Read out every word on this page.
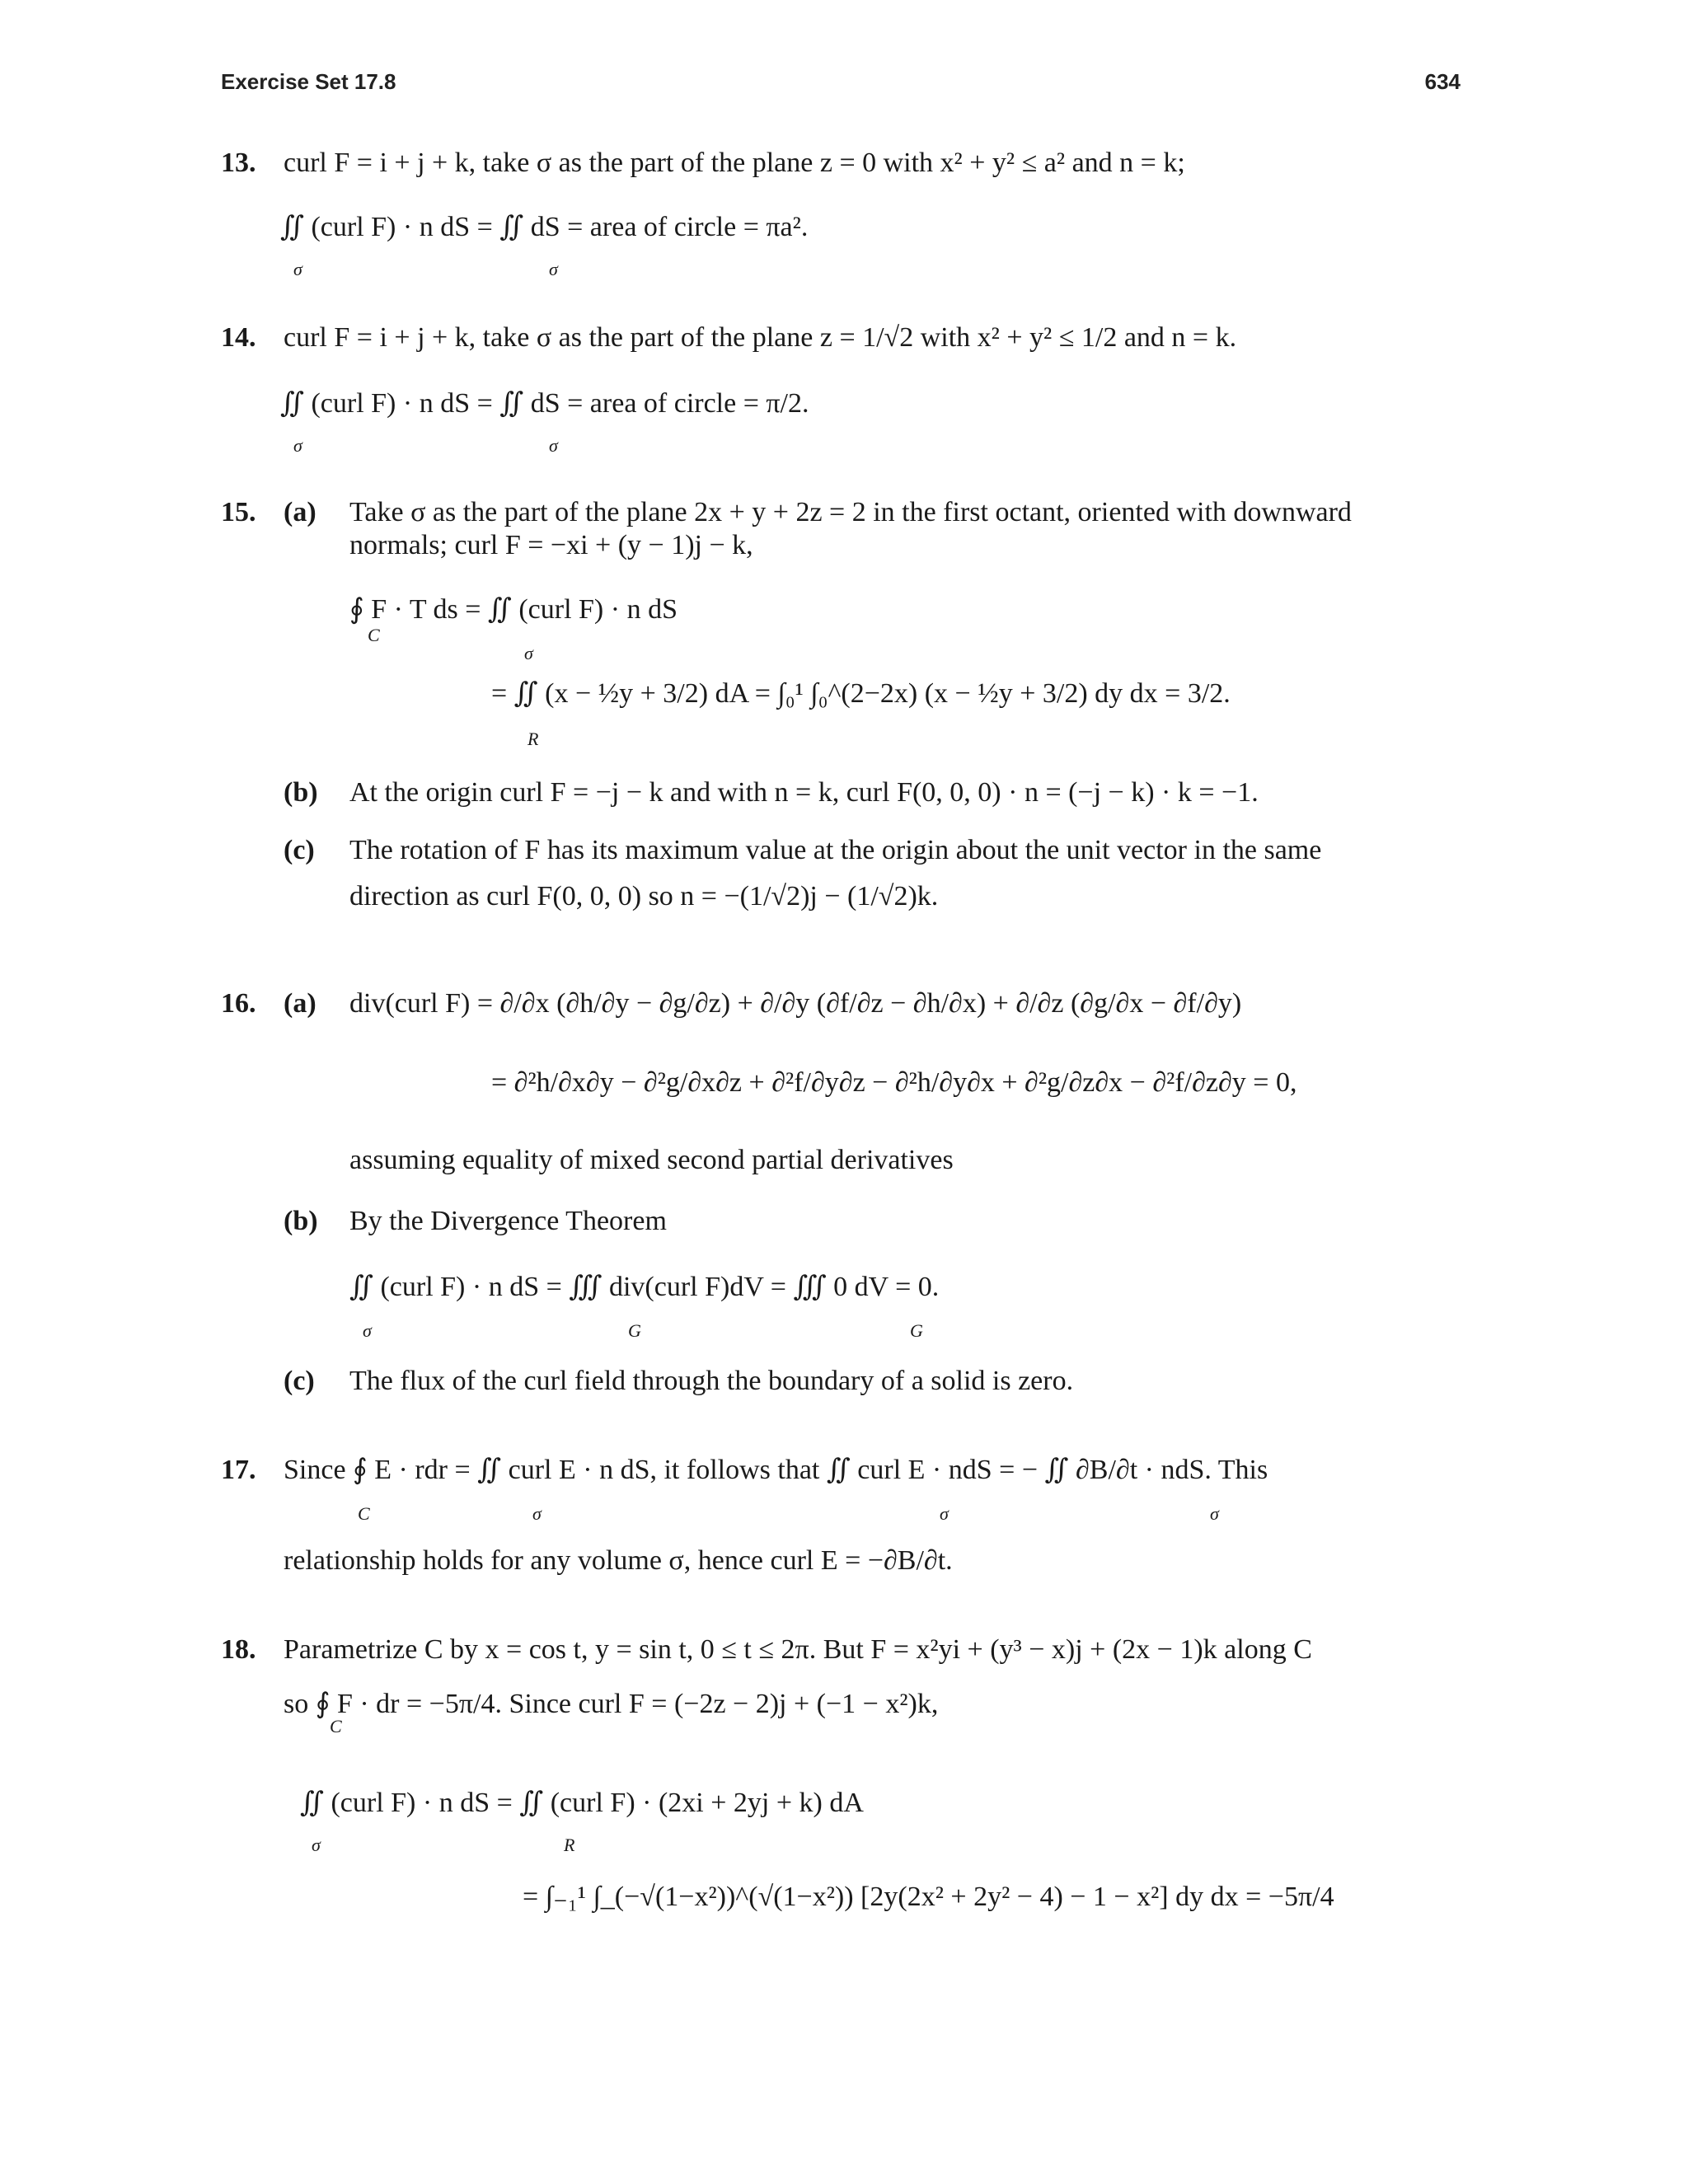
Exercise Set 17.8	634
13. curl F = i + j + k, take σ as the part of the plane z = 0 with x² + y² ≤ a² and n = k;
∬ (curl F) · n dS = ∬ dS = area of circle = πa².
σ	σ
14. curl F = i + j + k, take σ as the part of the plane z = 1/√2 with x² + y² ≤ 1/2 and n = k.
∬ (curl F) · n dS = ∬ dS = area of circle = π/2.
σ	σ
15. (a) Take σ as the part of the plane 2x + y + 2z = 2 in the first octant, oriented with downward
normals; curl F = −xi + (y − 1)j − k,
∮ F · T ds = ∬ (curl F) · n dS
C
σ
= ∬ (x − ½y + 3/2) dA = ∫₀¹ ∫₀^(2−2x) (x − ½y + 3/2) dy dx = 3/2.
R
(b) At the origin curl F = −j − k and with n = k, curl F(0, 0, 0) · n = (−j − k) · k = −1.
(c) The rotation of F has its maximum value at the origin about the unit vector in the same
direction as curl F(0, 0, 0) so n = −(1/√2)j − (1/√2)k.
16. (a) div(curl F) = ∂/∂x (∂h/∂y − ∂g/∂z) + ∂/∂y (∂f/∂z − ∂h/∂x) + ∂/∂z (∂g/∂x − ∂f/∂y)
= ∂²h/∂x∂y − ∂²g/∂x∂z + ∂²f/∂y∂z − ∂²h/∂y∂x + ∂²g/∂z∂x − ∂²f/∂z∂y = 0,
assuming equality of mixed second partial derivatives
(b) By the Divergence Theorem
∬ (curl F) · n dS = ∭ div(curl F)dV = ∭ 0 dV = 0.
σ	G	G
(c) The flux of the curl field through the boundary of a solid is zero.
17. Since ∮ E · rdr = ∬ curl E · n dS, it follows that ∬ curl E · ndS = − ∬ ∂B/∂t · ndS. This
C	σ	σ	σ
relationship holds for any volume σ, hence curl E = −∂B/∂t.
18. Parametrize C by x = cos t, y = sin t, 0 ≤ t ≤ 2π. But F = x²yi + (y³ − x)j + (2x − 1)k along C
so ∮ F · dr = −5π/4. Since curl F = (−2z − 2)j + (−1 − x²)k,
C
∬ (curl F) · n dS = ∬ (curl F) · (2xi + 2yj + k) dA
σ	R
= ∫₋₁¹ ∫_(−√(1−x²))^(√(1−x²)) [2y(2x² + 2y² − 4) − 1 − x²] dy dx = −5π/4
